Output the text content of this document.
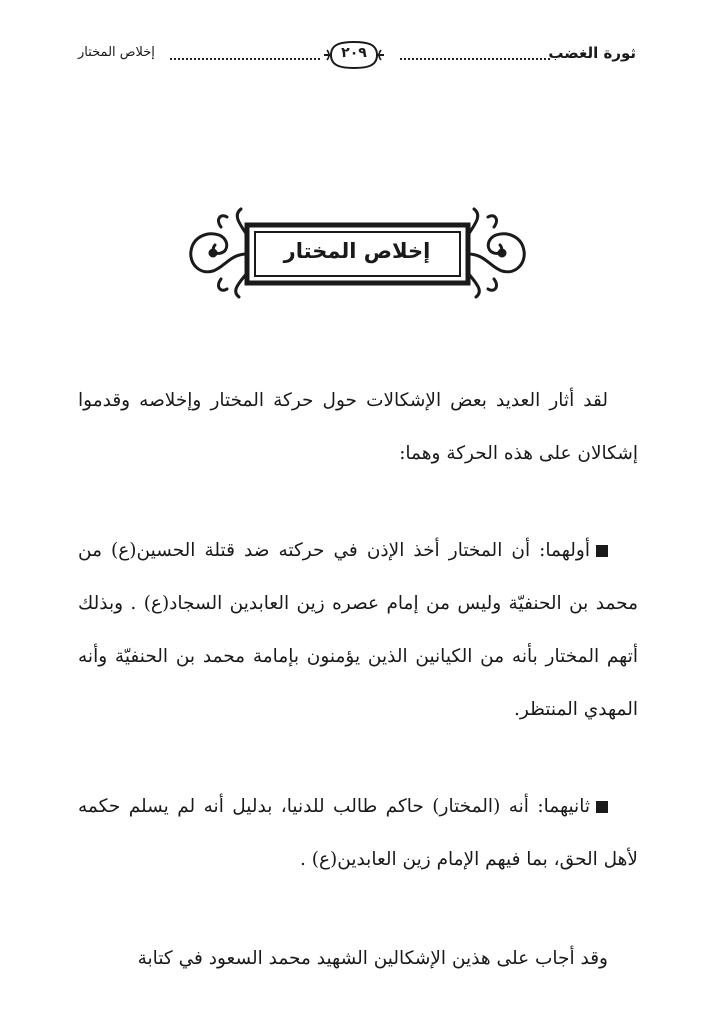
ثورة الغضب
٢٠٩
إخلاص المختار
إخلاص المختار
لقد أثار العديد بعض الإشكالات حول حركة المختار وإخلاصه وقدموا إشكالان على هذه الحركة وهما:
أولهما: أن المختار أخذ الإذن في حركته ضد قتلة الحسين(ع) من محمد بن الحنفيّة وليس من إمام عصره زين العابدين السجاد(ع) . وبذلك أتهم المختار بأنه من الكيانين الذين يؤمنون بإمامة محمد بن الحنفيّة وأنه المهدي المنتظر.
ثانيهما: أنه (المختار) حاكم طالب للدنيا، بدليل أنه لم يسلم حكمه لأهل الحق، بما فيهم الإمام زين العابدين(ع) .
وقد أجاب على هذين الإشكالين الشهيد محمد السعود في كتابة
